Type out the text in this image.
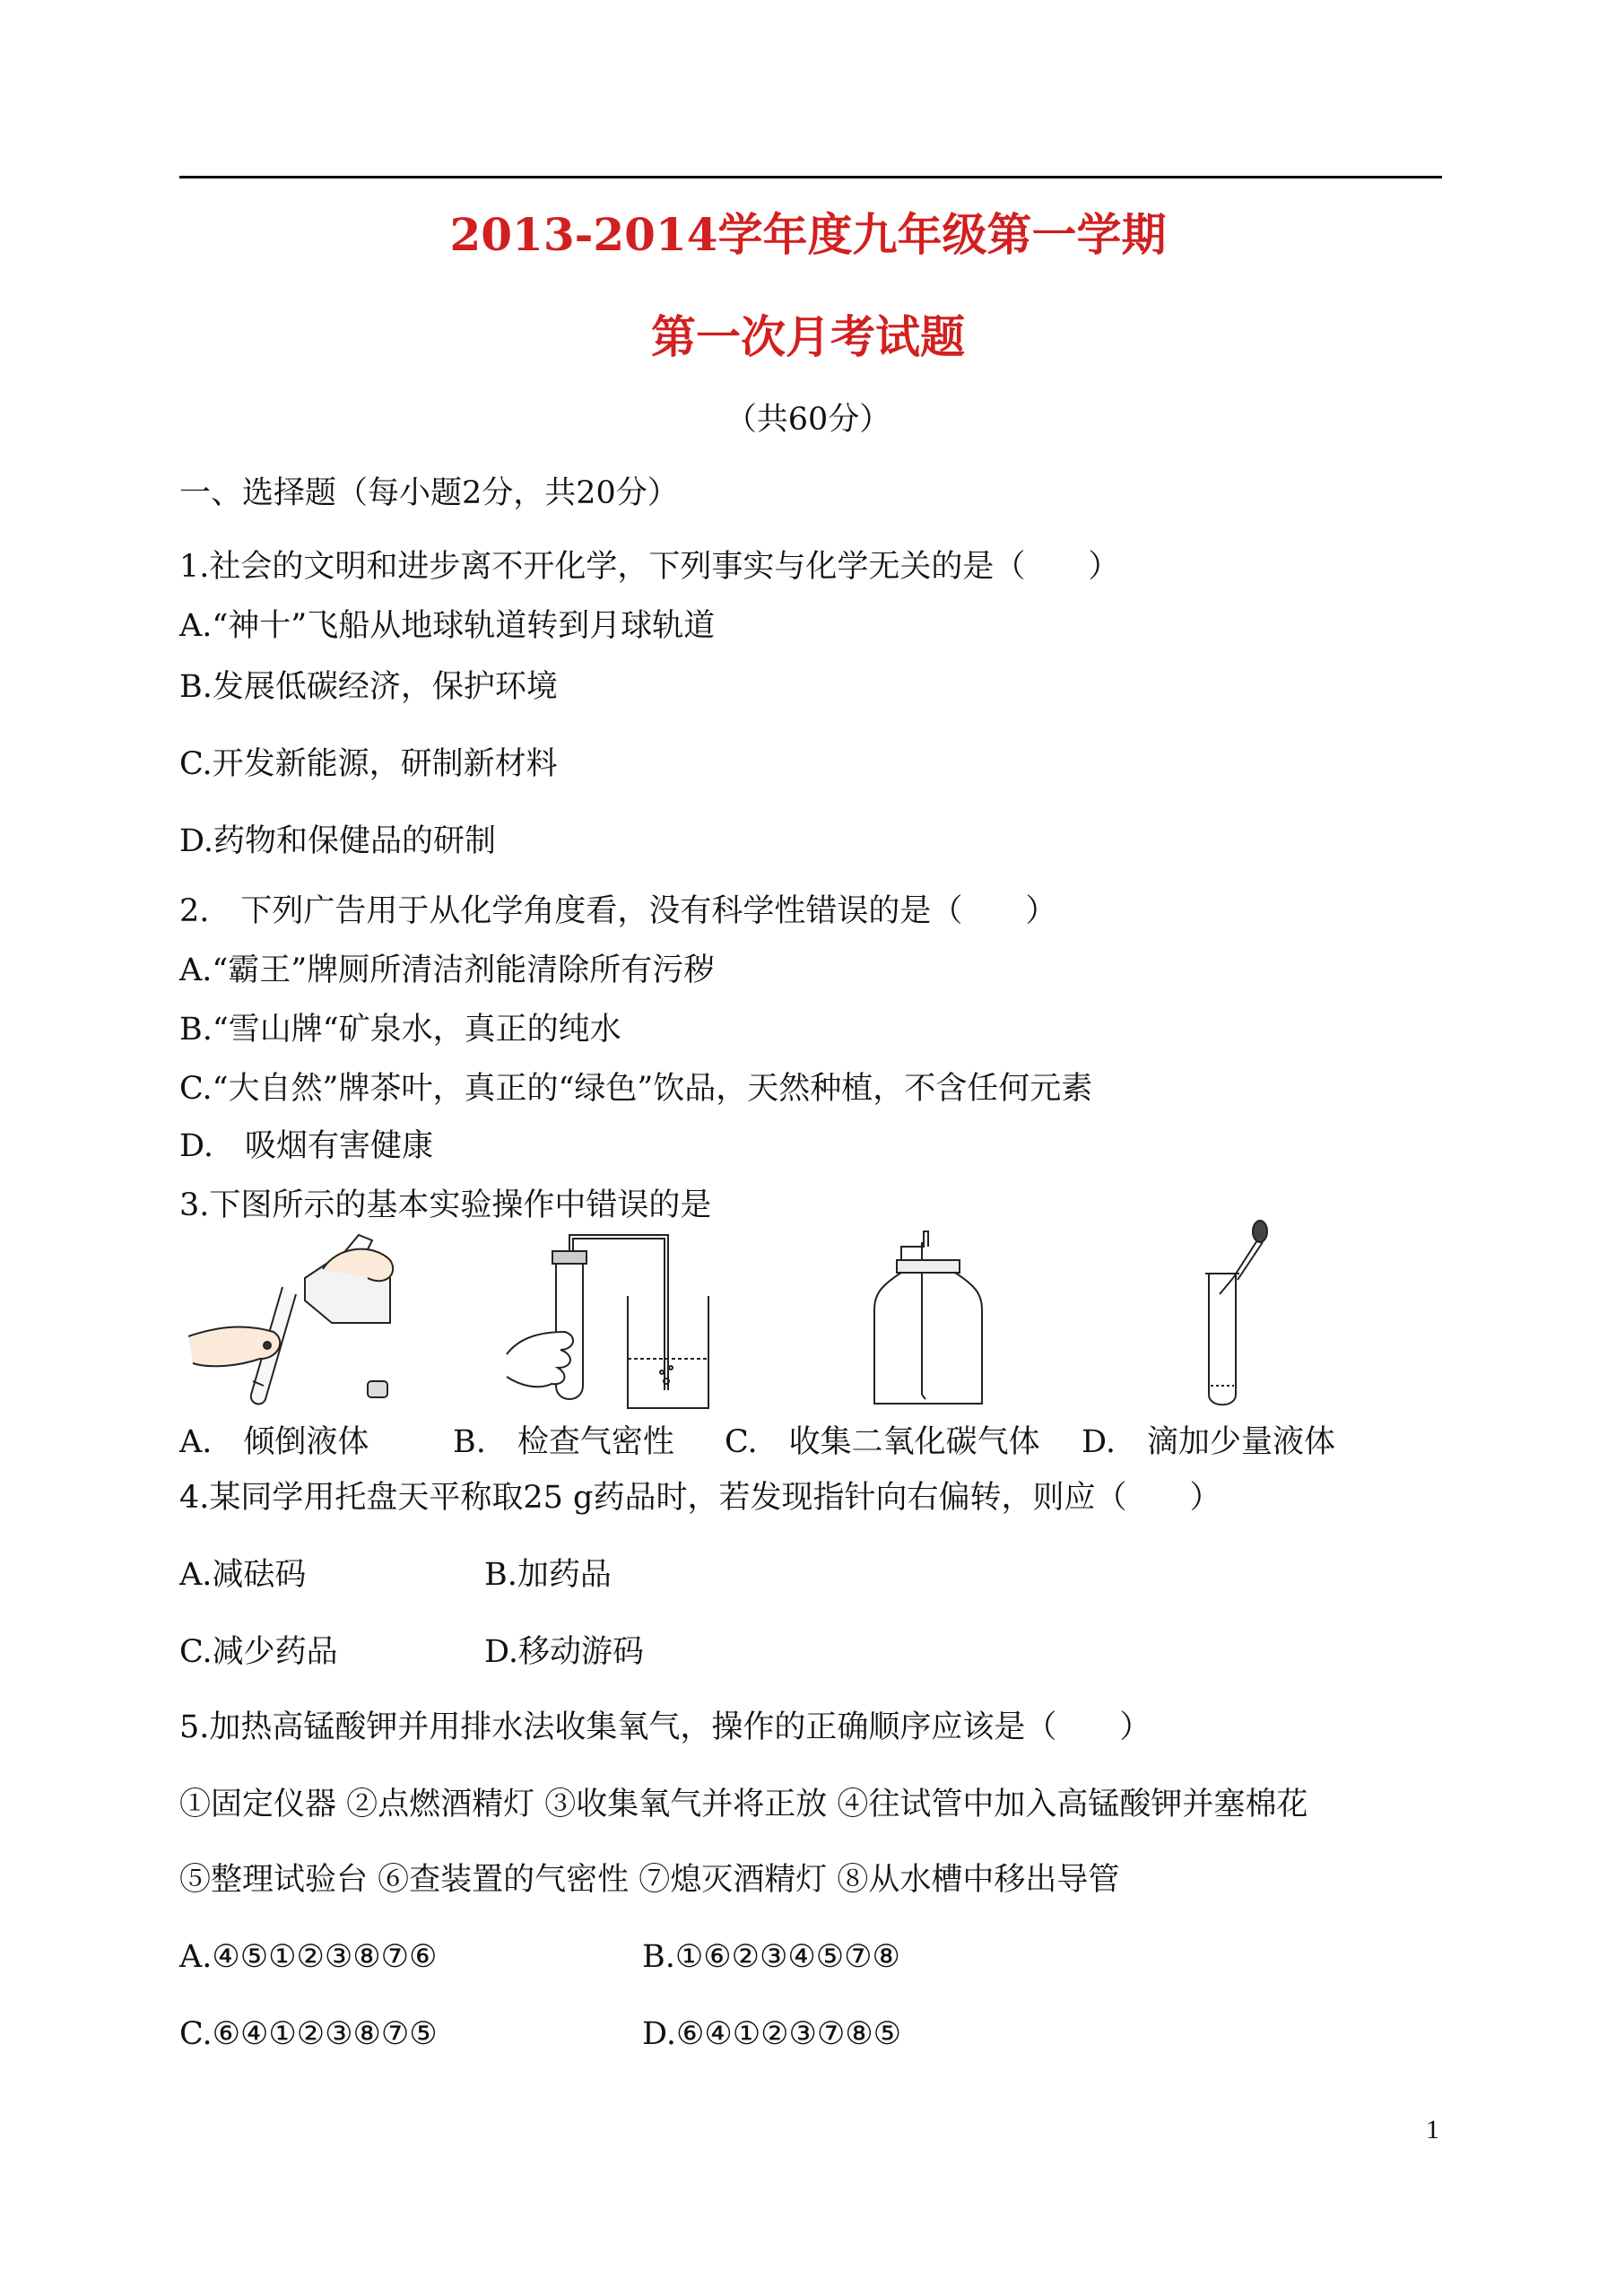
2013-2014学年度九年级第一学期
第一次月考试题
（共60分）
一、选择题（每小题2分，共20分）
1.社会的文明和进步离不开化学，下列事实与化学无关的是（　　）
A.“神十”飞船从地球轨道转到月球轨道
B.发展低碳经济，保护环境
C.开发新能源，研制新材料
D.药物和保健品的研制
2.　下列广告用于从化学角度看，没有科学性错误的是（　　）
A.“霸王”牌厕所清洁剂能清除所有污秽
B.“雪山牌“矿泉水，真正的纯水
C.“大自然”牌茶叶，真正的“绿色”饮品，天然种植，不含任何元素
D.　吸烟有害健康
3.下图所示的基本实验操作中错误的是
A.　倾倒液体	B.　检查气密性 C.　收集二氧化碳气体 D.　滴加少量液体
4.某同学用托盘天平称取25 g药品时，若发现指针向右偏转，则应（　　）
A.减砝码	B.加药品
C.减少药品	D.移动游码
5.加热高锰酸钾并用排水法收集氧气，操作的正确顺序应该是（　　）
①固定仪器 ②点燃酒精灯 ③收集氧气并将正放 ④往试管中加入高锰酸钾并塞棉花
⑤整理试验台 ⑥查装置的气密性 ⑦熄灭酒精灯 ⑧从水槽中移出导管
A.④⑤①②③⑧⑦⑥	B.①⑥②③④⑤⑦⑧
C.⑥④①②③⑧⑦⑤	D.⑥④①②③⑦⑧⑤
1
